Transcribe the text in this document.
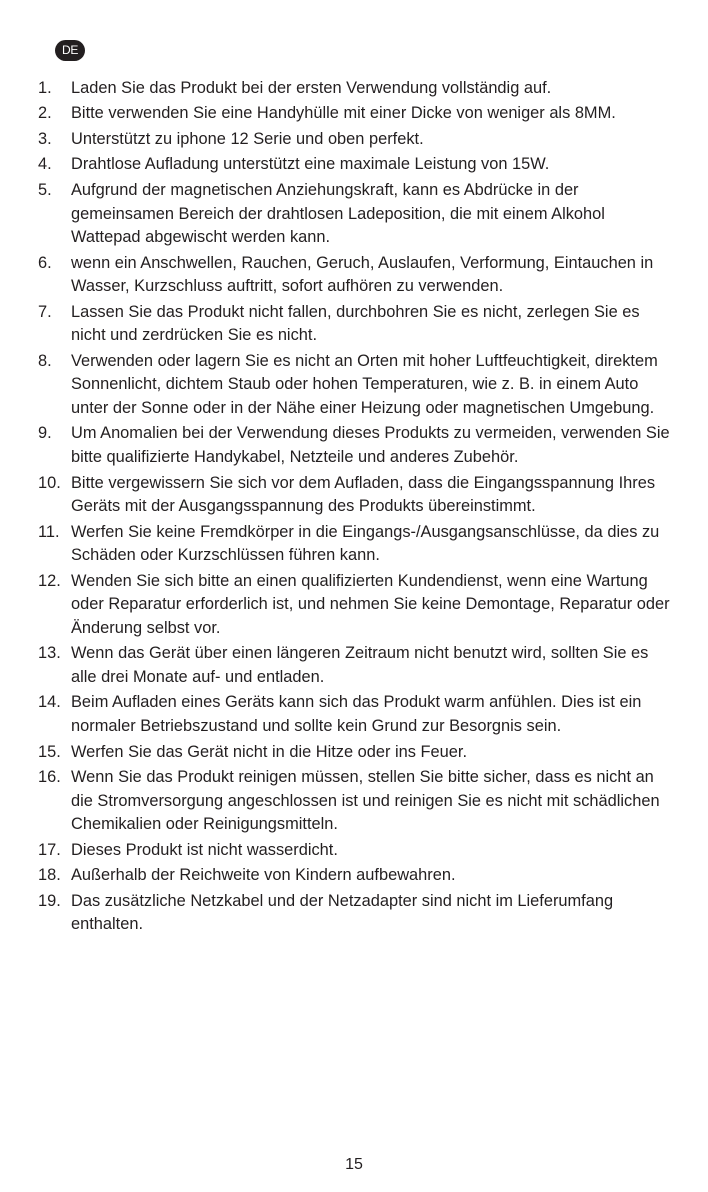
DE
1. Laden Sie das Produkt bei der ersten Verwendung vollständig auf.
2. Bitte verwenden Sie eine Handyhülle mit einer Dicke von weniger als 8MM.
3. Unterstützt zu iphone 12 Serie und oben perfekt.
4. Drahtlose Aufladung unterstützt eine maximale Leistung von 15W.
5. Aufgrund der magnetischen Anziehungskraft, kann es Abdrücke in der gemeinsamen Bereich der drahtlosen Ladeposition, die mit einem Alkohol Wattepad abgewischt werden kann.
6. wenn ein Anschwellen, Rauchen, Geruch, Auslaufen, Verformung, Eintauchen in Wasser, Kurzschluss auftritt, sofort aufhören zu verwenden.
7. Lassen Sie das Produkt nicht fallen, durchbohren Sie es nicht, zerlegen Sie es nicht und zerdrücken Sie es nicht.
8. Verwenden oder lagern Sie es nicht an Orten mit hoher Luftfeuchtigkeit, direktem Sonnenlicht, dichtem Staub oder hohen Temperaturen, wie z. B. in einem Auto unter der Sonne oder in der Nähe einer Heizung oder magnetischen Umgebung.
9. Um Anomalien bei der Verwendung dieses Produkts zu vermeiden, verwenden Sie bitte qualifizierte Handykabel, Netzteile und anderes Zubehör.
10. Bitte vergewissern Sie sich vor dem Aufladen, dass die Eingangsspannung Ihres Geräts mit der Ausgangsspannung des Produkts übereinstimmt.
11. Werfen Sie keine Fremdkörper in die Eingangs-/Ausgangsanschlüsse, da dies zu Schäden oder Kurzschlüssen führen kann.
12. Wenden Sie sich bitte an einen qualifizierten Kundendienst, wenn eine Wartung oder Reparatur erforderlich ist, und nehmen Sie keine Demontage, Reparatur oder Änderung selbst vor.
13. Wenn das Gerät über einen längeren Zeitraum nicht benutzt wird, sollten Sie es alle drei Monate auf- und entladen.
14. Beim Aufladen eines Geräts kann sich das Produkt warm anfühlen. Dies ist ein normaler Betriebszustand und sollte kein Grund zur Besorgnis sein.
15. Werfen Sie das Gerät nicht in die Hitze oder ins Feuer.
16. Wenn Sie das Produkt reinigen müssen, stellen Sie bitte sicher, dass es nicht an die Stromversorgung angeschlossen ist und reinigen Sie es nicht mit schädlichen Chemikalien oder Reinigungsmitteln.
17. Dieses Produkt ist nicht wasserdicht.
18. Außerhalb der Reichweite von Kindern aufbewahren.
19. Das zusätzliche Netzkabel und der Netzadapter sind nicht im Lieferumfang enthalten.
15
